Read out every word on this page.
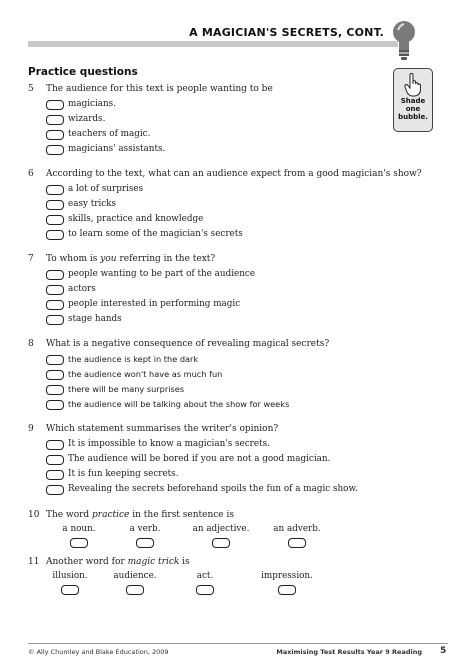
A MAGICIAN'S SECRETS, CONT.
Practice questions
Shade
one
bubble.
5 The audience for this text is people wanting to be
magicians.
wizards.
teachers of magic.
magicians' assistants.
6 According to the text, what can an audience expect from a good magician's show?
a lot of surprises
easy tricks
skills, practice and knowledge
to learn some of the magician's secrets
7 To whom is you referring in the text?
people wanting to be part of the audience
actors
people interested in performing magic
stage hands
8 What is a negative consequence of revealing magical secrets?
the audience is kept in the dark
the audience won't have as much fun
there will be many surprises
the audience will be talking about the show for weeks
9 Which statement summarises the writer's opinion?
It is impossible to know a magician's secrets.
The audience will be bored if you are not a good magician.
It is fun keeping secrets.
Revealing the secrets beforehand spoils the fun of a magic show.
10 The word practice in the first sentence is
a noun.	a verb.	an adjective.	an adverb.
11 Another word for magic trick is
illusion.	audience.	act.	impression.
© Ally Chumley and Blake Education, 2009	Maximising Test Results Year 9 Reading 5
